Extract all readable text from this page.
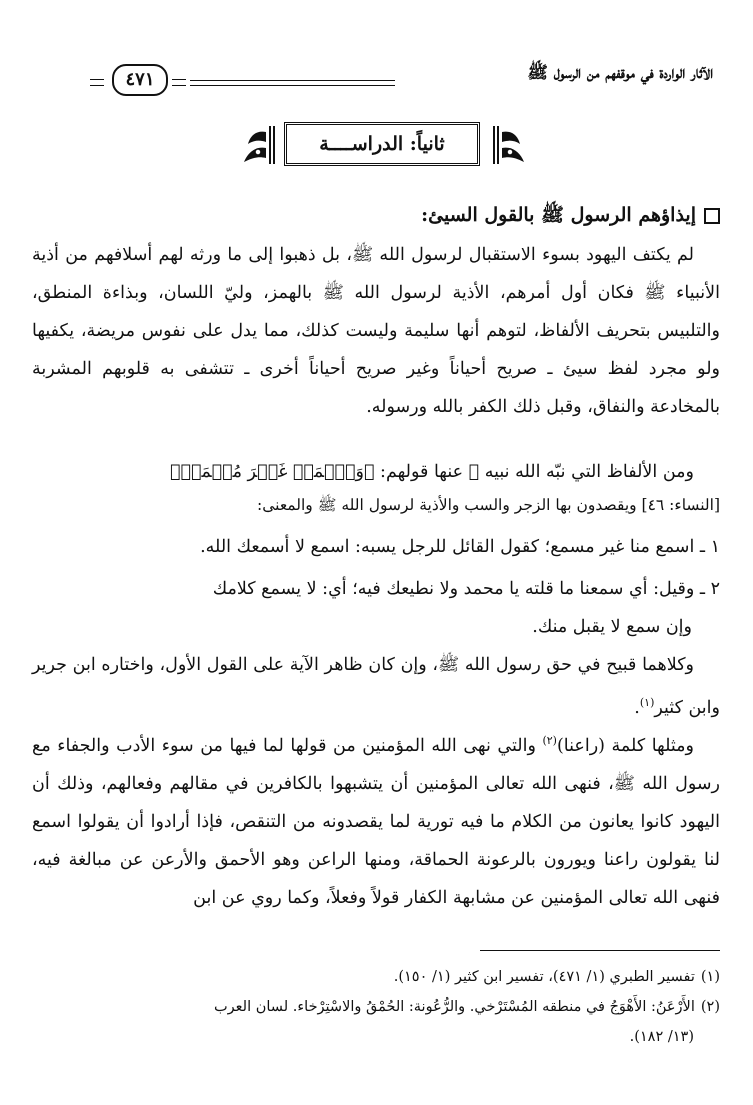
الآثار الواردة في موقفهم من الرسول ﷺ
٤٧١
ثانياً: الدراســــة
إيذاؤهم الرسول ﷺ بالقول السيئ:
لم يكتف اليهود بسوء الاستقبال لرسول الله ﷺ، بل ذهبوا إلى ما ورثه لهم أسلافهم من أذية الأنبياء ﷺ فكان أول أمرهم، الأذية لرسول الله ﷺ بالهمز، وليّ اللسان، وبذاءة المنطق، والتلبيس بتحريف الألفاظ، لتوهم أنها سليمة وليست كذلك، مما يدل على نفوس مريضة، يكفيها ولو مجرد لفظ سيئ ـ صريح أحياناً وغير صريح أحياناً أخرى ـ تتشفى به قلوبهم المشربة بالمخادعة والنفاق، وقبل ذلك الكفر بالله ورسوله.
ومن الألفاظ التي نبّه الله نبيه ﷺ عنها قولهم: ﴿وَٱسۡمَعۡ غَيۡرَ مُسۡمَعٖ﴾
[النساء: ٤٦] ويقصدون بها الزجر والسب والأذية لرسول الله ﷺ والمعنى:
١ ـ اسمع منا غير مسمع؛ كقول القائل للرجل يسبه: اسمع لا أسمعك الله.
٢ ـ وقيل: أي سمعنا ما قلته يا محمد ولا نطيعك فيه؛ أي: لا يسمع كلامك
وإن سمع لا يقبل منك.
وكلاهما قبيح في حق رسول الله ﷺ، وإن كان ظاهر الآية على القول الأول، واختاره ابن جرير وابن كثير$^{(١)}$.
ومثلها كلمة (راعنا)$^{(٢)}$ والتي نهى الله المؤمنين من قولها لما فيها من سوء الأدب والجفاء مع رسول الله ﷺ، فنهى الله تعالى المؤمنين أن يتشبهوا بالكافرين في مقالهم وفعالهم، وذلك أن اليهود كانوا يعانون من الكلام ما فيه تورية لما يقصدونه من التنقص، فإذا أرادوا أن يقولوا اسمع لنا يقولون راعنا ويورون بالرعونة الحماقة، ومنها الراعن وهو الأحمق والأرعن عن مبالغة فيه، فنهى الله تعالى المؤمنين عن مشابهة الكفار قولاً وفعلاً، وكما روي عن ابن
(١)تفسير الطبري (١/ ٤٧١)، تفسير ابن كثير (١/ ١٥٠).
(٢)الأَرْعَنُ: الأَهْوَجُ في منطقه المُسْتَرْخي. والرُّعُونة: الحُمْقُ والاسْتِرْخاء. لسان العرب
(١٣/ ١٨٢).
